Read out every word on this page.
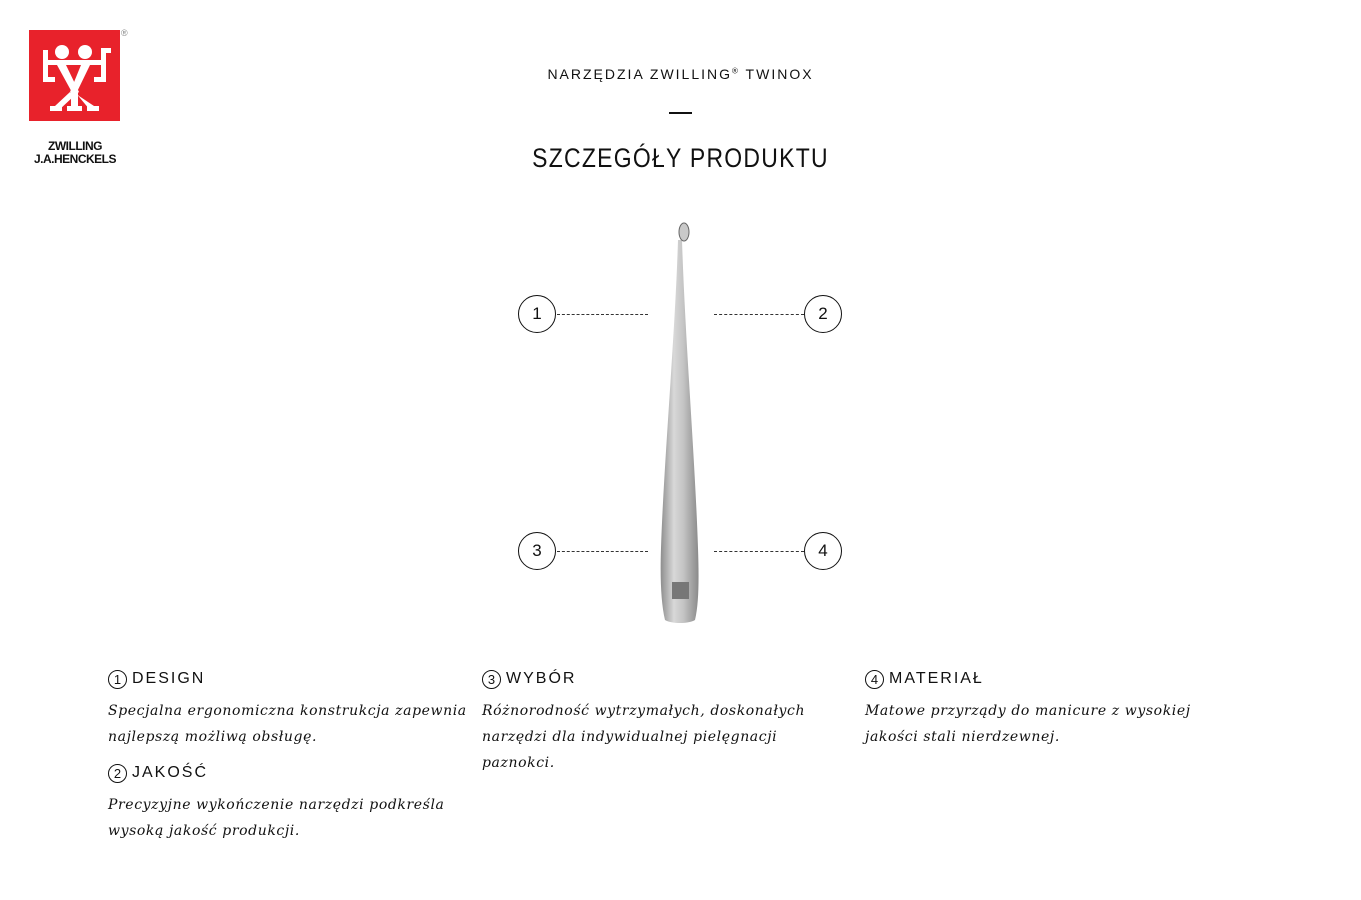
®
ZWILLING
J.A.HENCKELS
NARZĘDZIA ZWILLING® TWINOX
SZCZEGÓŁY PRODUKTU
1	2
3	4
1 DESIGN

Specjalna ergonomiczna konstrukcja zapewnia najlepszą możliwą obsługę.

2 JAKOŚĆ

Precyzyjne wykończenie narzędzi podkreśla wysoką jakość produkcji.

3 WYBÓR

Różnorodność wytrzymałych, doskonałych narzędzi dla indywidualnej pielęgnacji paznokci.

4 MATERIAŁ

Matowe przyrządy do manicure z wysokiej jakości stali nierdzewnej.
